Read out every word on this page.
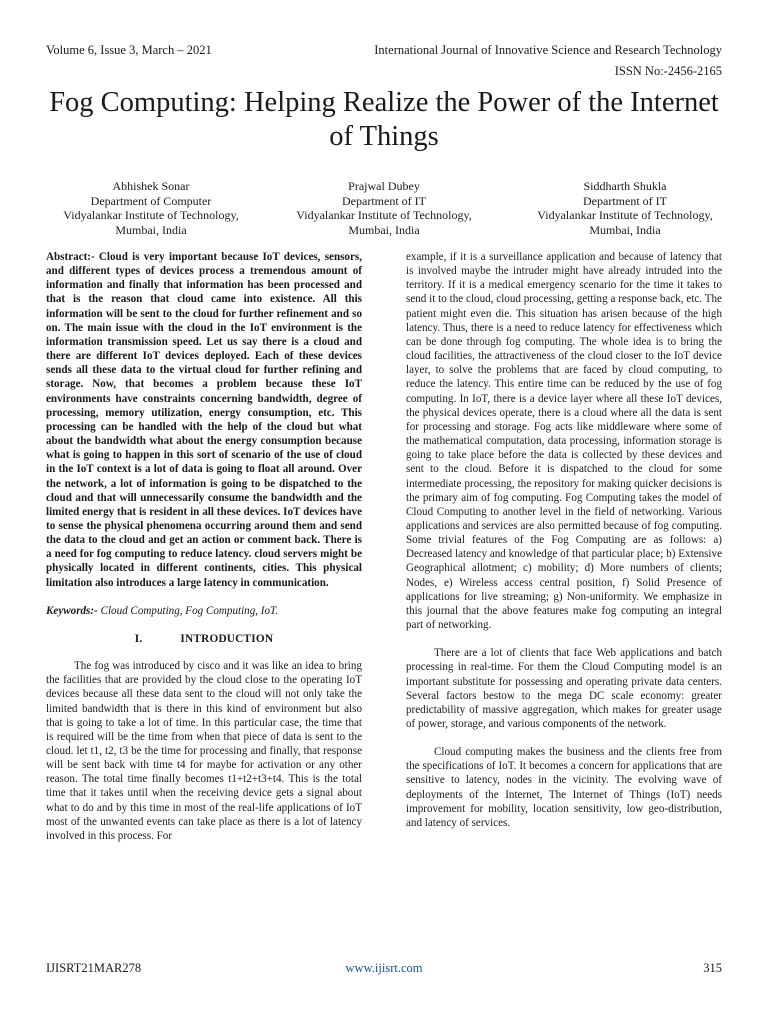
Volume 6, Issue 3, March – 2021	International Journal of Innovative Science and Research Technology
ISSN No:-2456-2165
Fog Computing: Helping Realize the Power of the Internet of Things
Abhishek Sonar
Department of Computer
Vidyalankar Institute of Technology,
Mumbai, India
Prajwal Dubey
Department of IT
Vidyalankar Institute of Technology,
Mumbai, India
Siddharth Shukla
Department of IT
Vidyalankar Institute of Technology,
Mumbai, India

Abstract:- Cloud is very important because IoT devices, sensors, and different types of devices process a tremendous amount of information and finally that information has been processed and that is the reason that cloud came into existence. All this information will be sent to the cloud for further refinement and so on. The main issue with the cloud in the IoT environment is the information transmission speed. Let us say there is a cloud and there are different IoT devices deployed. Each of these devices sends all these data to the virtual cloud for further refining and storage. Now, that becomes a problem because these IoT environments have constraints concerning bandwidth, degree of processing, memory utilization, energy consumption, etc. This processing can be handled with the help of the cloud but what about the bandwidth what about the energy consumption because what is going to happen in this sort of scenario of the use of cloud in the IoT context is a lot of data is going to float all around. Over the network, a lot of information is going to be dispatched to the cloud and that will unnecessarily consume the bandwidth and the limited energy that is resident in all these devices. IoT devices have to sense the physical phenomena occurring around them and send the data to the cloud and get an action or comment back. There is a need for fog computing to reduce latency. cloud servers might be physically located in different continents, cities. This physical limitation also introduces a large latency in communication.

Keywords:- Cloud Computing, Fog Computing, IoT.

I.	INTRODUCTION

The fog was introduced by cisco and it was like an idea to bring the facilities that are provided by the cloud close to the operating IoT devices because all these data sent to the cloud will not only take the limited bandwidth that is there in this kind of environment but also that is going to take a lot of time. In this particular case, the time that is required will be the time from when that piece of data is sent to the cloud. let t1, t2, t3 be the time for processing and finally, that response will be sent back with time t4 for maybe for activation or any other reason. The total time finally becomes t1+t2+t3+t4. This is the total time that it takes until when the receiving device gets a signal about what to do and by this time in most of the real-life applications of IoT most of the unwanted events can take place as there is a lot of latency involved in this process. For

example, if it is a surveillance application and because of latency that is involved maybe the intruder might have already intruded into the territory. If it is a medical emergency scenario for the time it takes to send it to the cloud, cloud processing, getting a response back, etc. The patient might even die. This situation has arisen because of the high latency. Thus, there is a need to reduce latency for effectiveness which can be done through fog computing. The whole idea is to bring the cloud facilities, the attractiveness of the cloud closer to the IoT device layer, to solve the problems that are faced by cloud computing, to reduce the latency. This entire time can be reduced by the use of fog computing. In IoT, there is a device layer where all these IoT devices, the physical devices operate, there is a cloud where all the data is sent for processing and storage. Fog acts like middleware where some of the mathematical computation, data processing, information storage is going to take place before the data is collected by these devices and sent to the cloud. Before it is dispatched to the cloud for some intermediate processing, the repository for making quicker decisions is the primary aim of fog computing. Fog Computing takes the model of Cloud Computing to another level in the field of networking. Various applications and services are also permitted because of fog computing. Some trivial features of the Fog Computing are as follows: a) Decreased latency and knowledge of that particular place; b) Extensive Geographical allotment; c) mobility; d) More numbers of clients; Nodes, e) Wireless access central position, f) Solid Presence of applications for live streaming; g) Non-uniformity. We emphasize in this journal that the above features make fog computing an integral part of networking.

There are a lot of clients that face Web applications and batch processing in real-time. For them the Cloud Computing model is an important substitute for possessing and operating private data centers. Several factors bestow to the mega DC scale economy: greater predictability of massive aggregation, which makes for greater usage of power, storage, and various components of the network.

Cloud computing makes the business and the clients free from the specifications of IoT. It becomes a concern for applications that are sensitive to latency, nodes in the vicinity. The evolving wave of deployments of the Internet, The Internet of Things (IoT) needs improvement for mobility, location sensitivity, low geo-distribution, and latency of services.

IJISRT21MAR278	www.ijisrt.com	315
